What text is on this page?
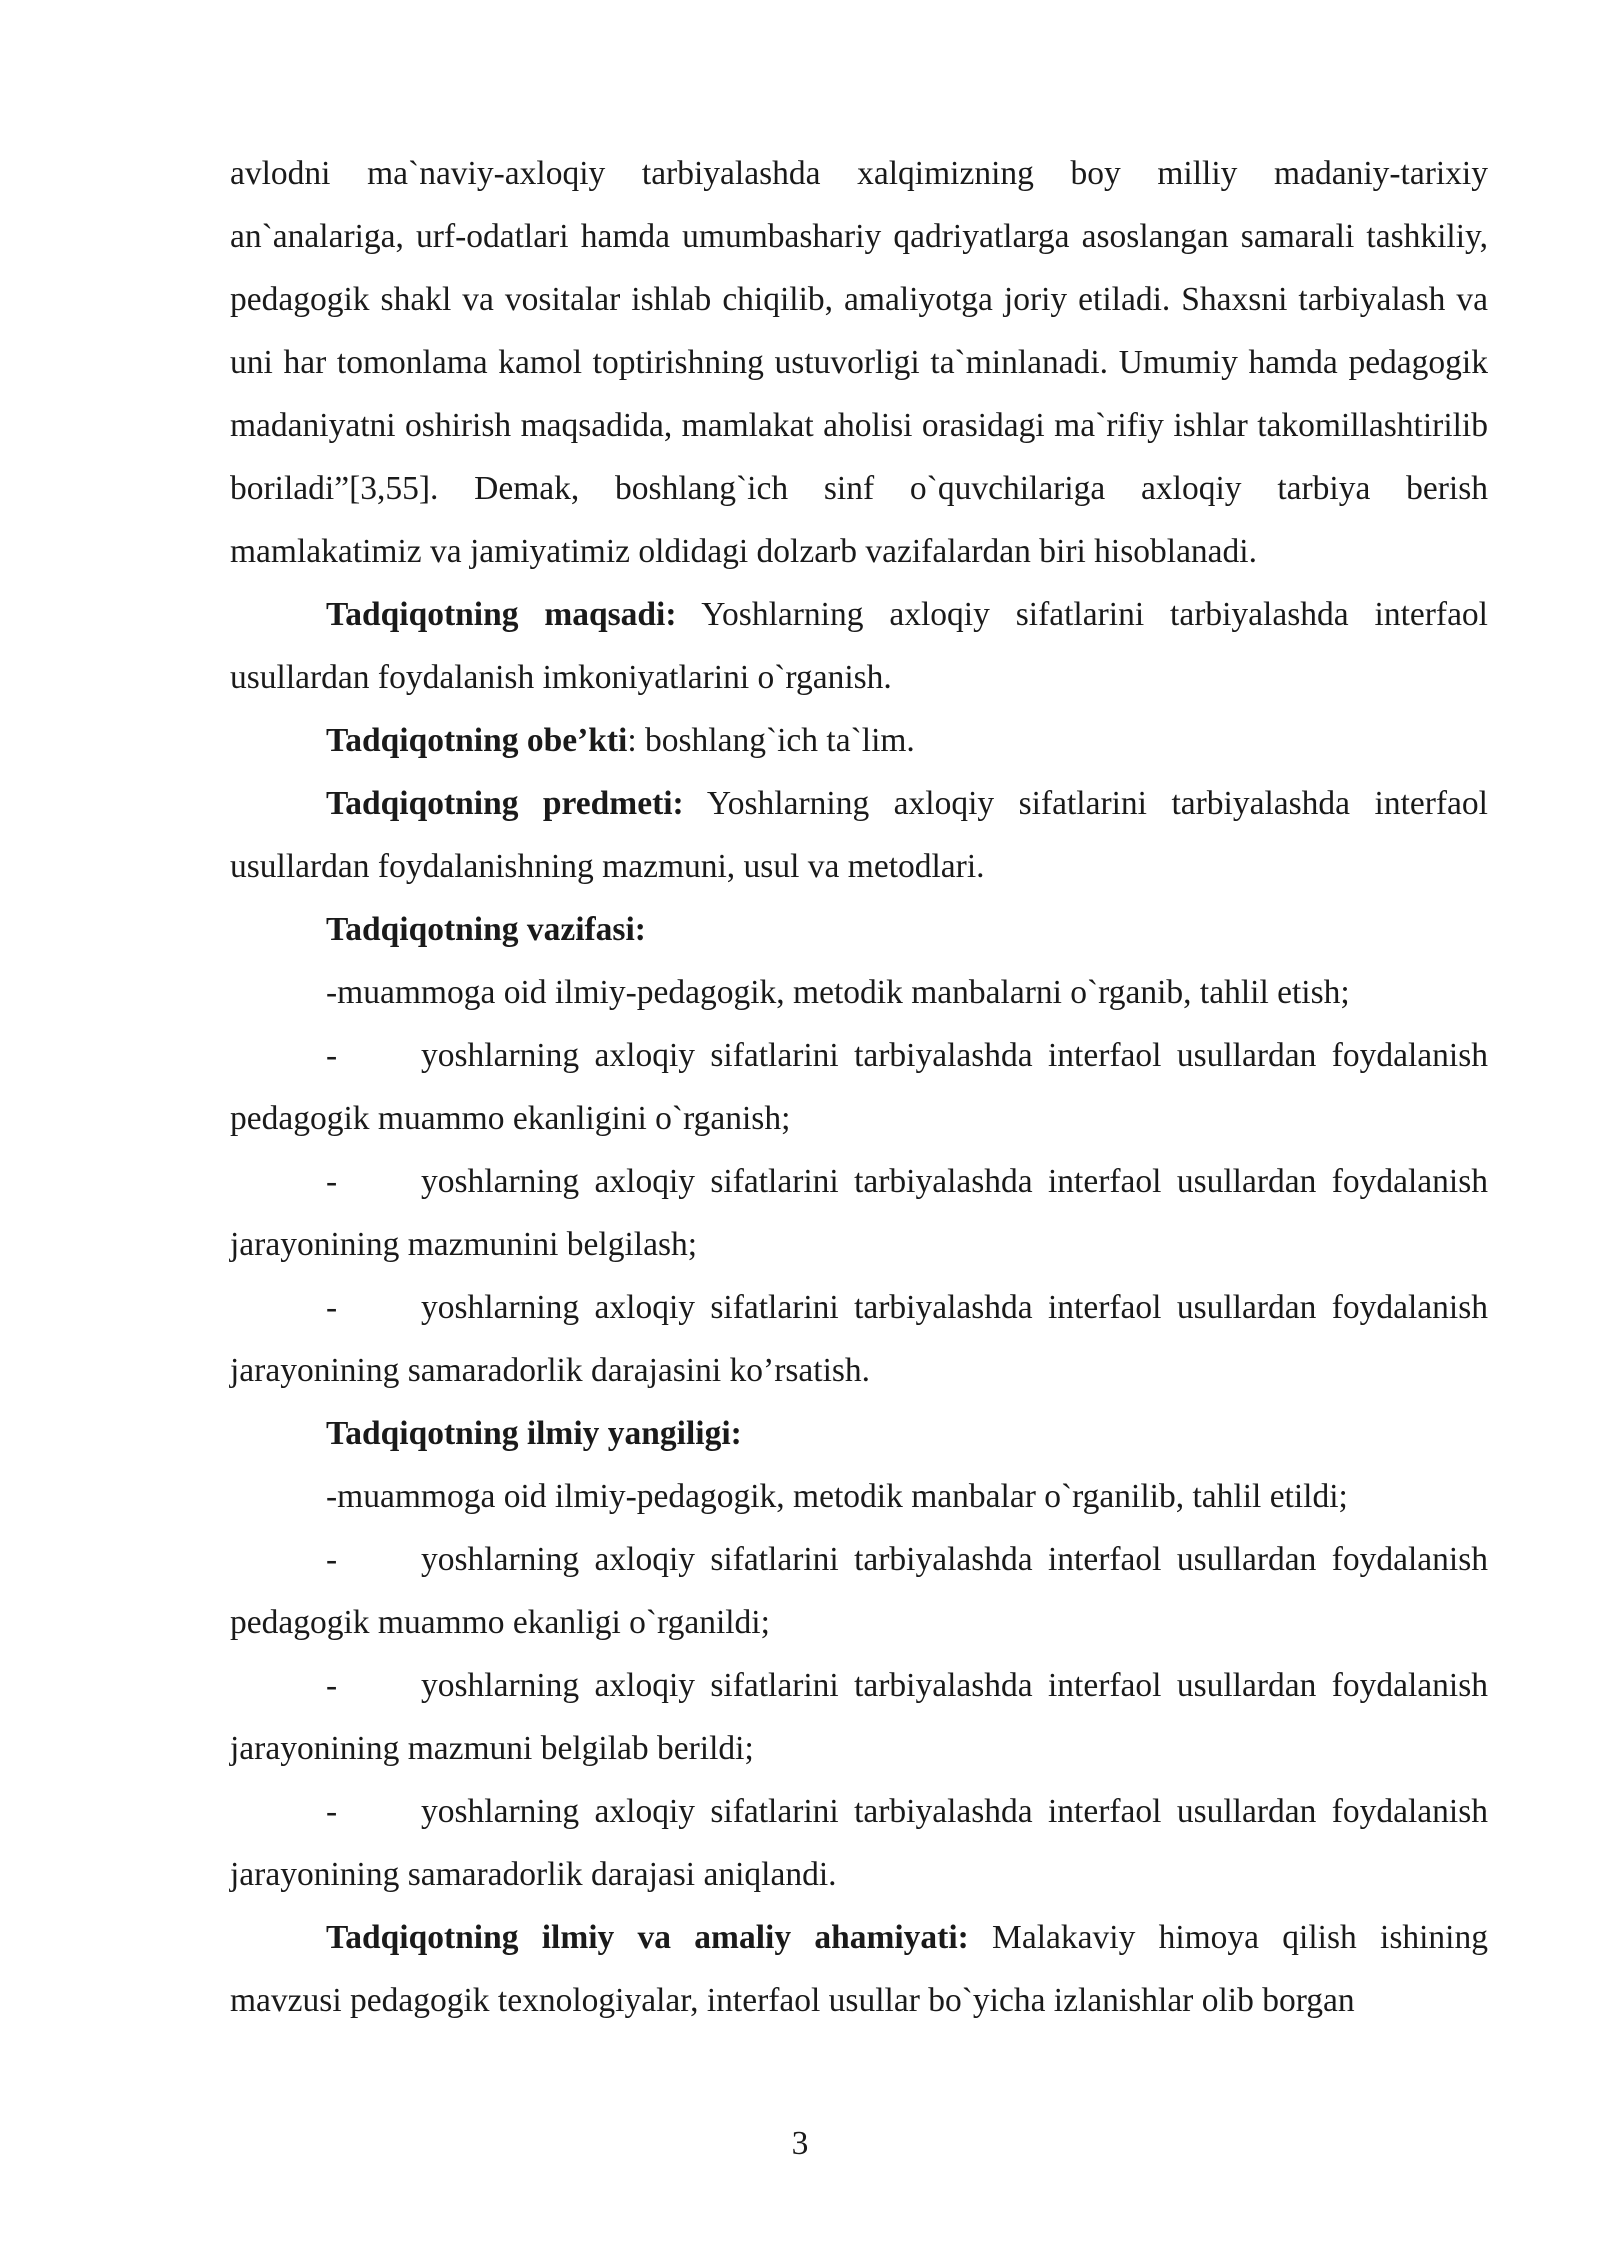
avlodni ma`naviy-axloqiy tarbiyalashda xalqimizning boy milliy madaniy-tarixiy an`analariga, urf-odatlari hamda umumbashariy qadriyatlarga asoslangan samarali tashkiliy, pedagogik shakl va vositalar ishlab chiqilib, amaliyotga joriy etiladi. Shaxsni tarbiyalash va uni har tomonlama kamol toptirishning ustuvorligi ta`minlanadi. Umumiy hamda pedagogik madaniyatni oshirish maqsadida, mamlakat aholisi orasidagi ma`rifiy ishlar takomillashtirilib boriladi”[3,55]. Demak, boshlang`ich sinf o`quvchilariga axloqiy tarbiya berish mamlakatimiz va jamiyatimiz oldidagi dolzarb vazifalardan biri hisoblanadi.

Tadqiqotning maqsadi: Yoshlarning axloqiy sifatlarini tarbiyalashda interfaol usullardan foydalanish imkoniyatlarini o`rganish.

Tadqiqotning obe’kti: boshlang`ich ta`lim.

Tadqiqotning predmeti: Yoshlarning axloqiy sifatlarini tarbiyalashda interfaol usullardan foydalanishning mazmuni, usul va metodlari.

Tadqiqotning vazifasi:

-muammoga oid ilmiy-pedagogik, metodik manbalarni o`rganib, tahlil etish;

-	yoshlarning axloqiy sifatlarini tarbiyalashda interfaol usullardan foydalanish pedagogik muammo ekanligini o`rganish;

-	yoshlarning axloqiy sifatlarini tarbiyalashda interfaol usullardan foydalanish jarayonining mazmunini belgilash;

-	yoshlarning axloqiy sifatlarini tarbiyalashda interfaol usullardan foydalanish jarayonining samaradorlik darajasini ko’rsatish.

Tadqiqotning ilmiy yangiligi:

-muammoga oid ilmiy-pedagogik, metodik manbalar o`rganilib, tahlil etildi;

-	yoshlarning axloqiy sifatlarini tarbiyalashda interfaol usullardan foydalanish pedagogik muammo ekanligi o`rganildi;

-	yoshlarning axloqiy sifatlarini tarbiyalashda interfaol usullardan foydalanish jarayonining mazmuni belgilab berildi;

-	yoshlarning axloqiy sifatlarini tarbiyalashda interfaol usullardan foydalanish jarayonining samaradorlik darajasi aniqlandi.

Tadqiqotning ilmiy va amaliy ahamiyati: Malakaviy himoya qilish ishining mavzusi pedagogik texnologiyalar, interfaol usullar bo`yicha izlanishlar olib borgan

3
